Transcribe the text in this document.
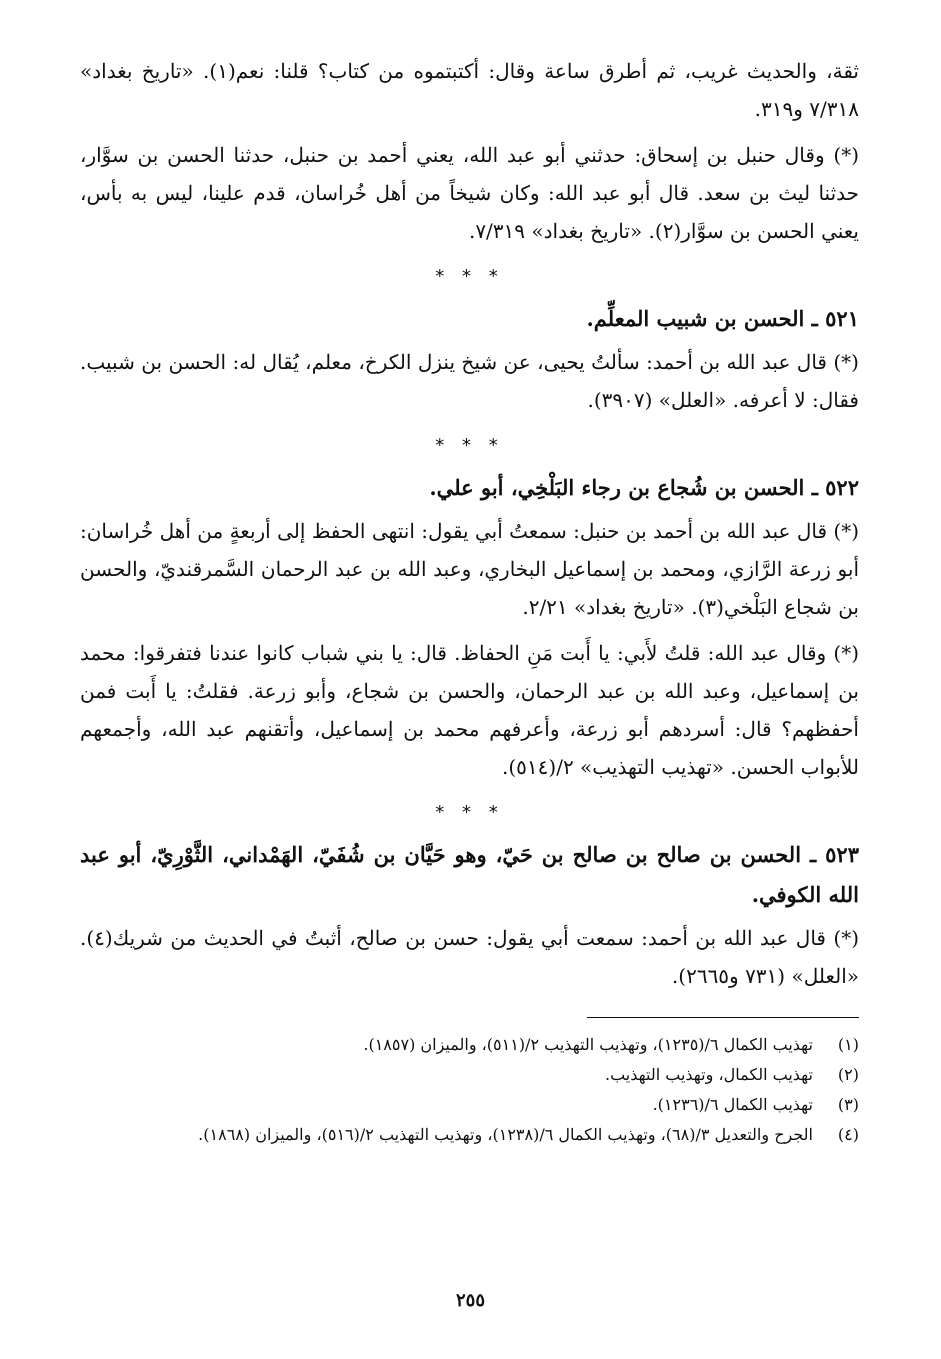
ثقة، والحديث غريب، ثم أطرق ساعة وقال: أكتبتموه من كتاب؟ قلنا: نعم(١). «تاريخ بغداد» ٧/٣١٨ و٣١٩.

(*) وقال حنبل بن إسحاق: حدثني أبو عبد الله، يعني أحمد بن حنبل، حدثنا الحسن بن سوَّار، حدثنا ليث بن سعد. قال أبو عبد الله: وكان شيخاً من أهل خُراسان، قدم علينا، ليس به بأس، يعني الحسن بن سوَّار(٢). «تاريخ بغداد» ٧/٣١٩.

* * *

٥٢١ ـ الحسن بن شبيب المعلِّم.

(*) قال عبد الله بن أحمد: سألتُ يحيى، عن شيخ ينزل الكرخ، معلم، يُقال له: الحسن بن شبيب. فقال: لا أعرفه. «العلل» (٣٩٠٧).

* * *

٥٢٢ ـ الحسن بن شُجاع بن رجاء البَلْخِي، أبو علي.

(*) قال عبد الله بن أحمد بن حنبل: سمعتُ أبي يقول: انتهى الحفظ إلى أربعةٍ من أهل خُراسان: أبو زرعة الرَّازي، ومحمد بن إسماعيل البخاري، وعبد الله بن عبد الرحمان السَّمرقنديّ، والحسن بن شجاع البَلْخي(٣). «تاريخ بغداد» ٢/٢١.

(*) وقال عبد الله: قلتُ لأَبي: يا أَبت مَنِ الحفاظ. قال: يا بني شباب كانوا عندنا فتفرقوا: محمد بن إسماعيل، وعبد الله بن عبد الرحمان، والحسن بن شجاع، وأبو زرعة. فقلتُ: يا أَبت فمن أحفظهم؟ قال: أسردهم أبو زرعة، وأعرفهم محمد بن إسماعيل، وأتقنهم عبد الله، وأجمعهم للأبواب الحسن. «تهذيب التهذيب» ٢/(٥١٤).

* * *

٥٢٣ ـ الحسن بن صالح بن صالح بن حَيّ، وهو حَيَّان بن شُفَيّ، الهَمْداني، الثَّوْرِيّ، أبو عبد الله الكوفي.

(*) قال عبد الله بن أحمد: سمعت أبي يقول: حسن بن صالح، أثبتُ في الحديث من شريك(٤). «العلل» (٧٣١ و٢٦٦٥).

(١)
تهذيب الكمال ٦/(١٢٣٥)، وتهذيب التهذيب ٢/(٥١١)، والميزان (١٨٥٧).
(٢)
تهذيب الكمال، وتهذيب التهذيب.
(٣)
تهذيب الكمال ٦/(١٢٣٦).
(٤)
الجرح والتعديل ٣/(٦٨)، وتهذيب الكمال ٦/(١٢٣٨)، وتهذيب التهذيب ٢/(٥١٦)، والميزان (١٨٦٨).
٢٥٥
